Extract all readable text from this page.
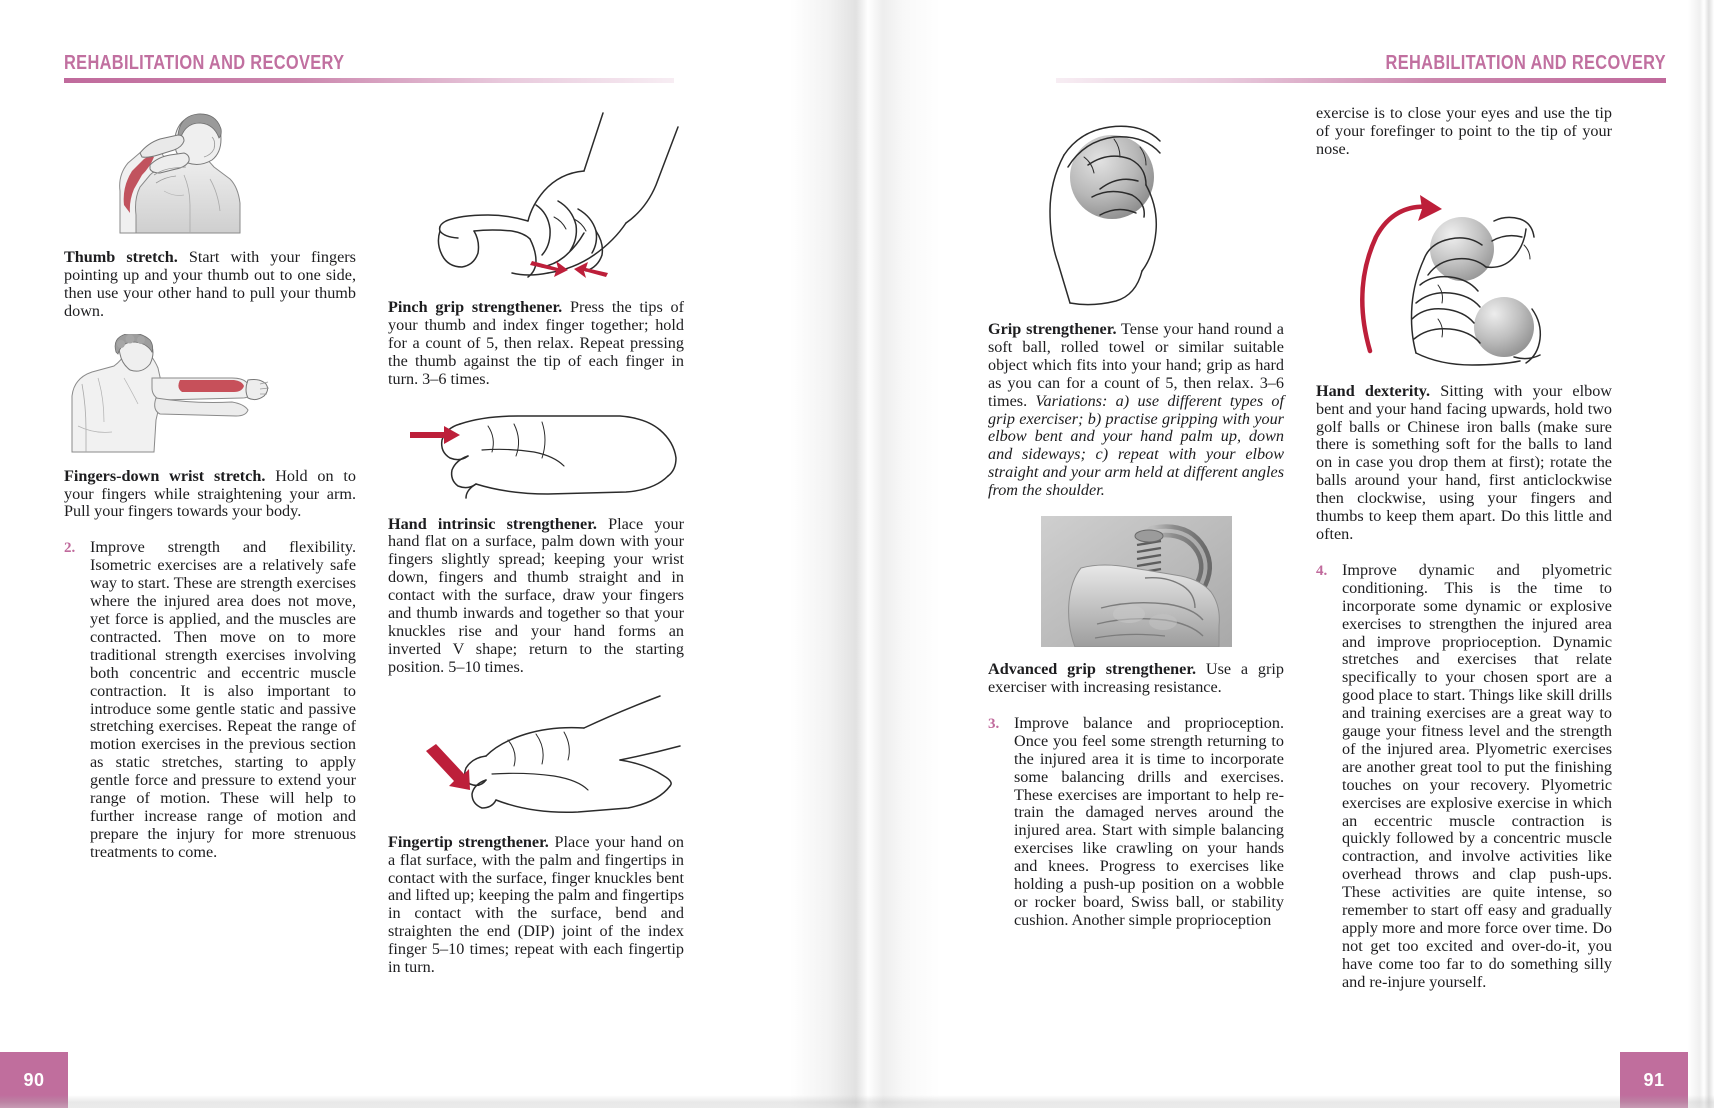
REHABILITATION AND RECOVERY

Thumb stretch. Start with your fingers pointing up and your thumb out to one side, then use your other hand to pull your thumb down.

Fingers-down wrist stretch. Hold on to your fingers while straightening your arm. Pull your fingers towards your body.

2. Improve strength and flexibility. Isometric exercises are a relatively safe way to start. These are strength exercises where the injured area does not move, yet force is applied, and the muscles are contracted. Then move on to more traditional strength exercises involving both concentric and eccentric muscle contraction. It is also important to introduce some gentle static and passive stretching exercises. Repeat the range of motion exercises in the previous section as static stretches, starting to apply gentle force and pressure to extend your range of motion. These will help to further increase range of motion and prepare the injury for more strenuous treatments to come.

Pinch grip strengthener. Press the tips of your thumb and index finger together; hold for a count of 5, then relax. Repeat pressing the thumb against the tip of each finger in turn. 3–6 times.

Hand intrinsic strengthener. Place your hand flat on a surface, palm down with your fingers slightly spread; keeping your wrist down, fingers and thumb straight and in contact with the surface, draw your fingers and thumb inwards and together so that your knuckles rise and your hand forms an inverted V shape; return to the starting position. 5–10 times.

Fingertip strengthener. Place your hand on a flat surface, with the palm and fingertips in contact with the surface, finger knuckles bent and lifted up; keeping the palm and fingertips in contact with the surface, bend and straighten the end (DIP) joint of the index finger 5–10 times; repeat with each fingertip in turn.

90
REHABILITATION AND RECOVERY

Grip strengthener. Tense your hand round a soft ball, rolled towel or similar suitable object which fits into your hand; grip as hard as you can for a count of 5, then relax. 3–6 times. Variations: a) use different types of grip exerciser; b) practise gripping with your elbow bent and your hand palm up, down and sideways; c) repeat with your elbow straight and your arm held at different angles from the shoulder.

Advanced grip strengthener. Use a grip exerciser with increasing resistance.

3. Improve balance and proprioception. Once you feel some strength returning to the injured area it is time to incorporate some balancing drills and exercises. These exercises are important to help re-train the damaged nerves around the injured area. Start with simple balancing exercises like crawling on your hands and knees. Progress to exercises like holding a push-up position on a wobble or rocker board, Swiss ball, or stability cushion. Another simple proprioception

exercise is to close your eyes and use the tip of your forefinger to point to the tip of your nose.

Hand dexterity. Sitting with your elbow bent and your hand facing upwards, hold two golf balls or Chinese iron balls (make sure there is something soft for the balls to land on in case you drop them at first); rotate the balls around your hand, first anticlockwise then clockwise, using your fingers and thumbs to keep them apart. Do this little and often.

4. Improve dynamic and plyometric conditioning. This is the time to incorporate some dynamic or explosive exercises to strengthen the injured area and improve proprioception. Dynamic stretches and exercises that relate specifically to your chosen sport are a good place to start. Things like skill drills and training exercises are a great way to gauge your fitness level and the strength of the injured area. Plyometric exercises are another great tool to put the finishing touches on your recovery. Plyometric exercises are explosive exercise in which an eccentric muscle contraction is quickly followed by a concentric muscle contraction, and involve activities like overhead throws and clap push-ups. These activities are quite intense, so remember to start off easy and gradually apply more and more force over time. Do not get too excited and over-do-it, you have come too far to do something silly and re-injure yourself.
91
